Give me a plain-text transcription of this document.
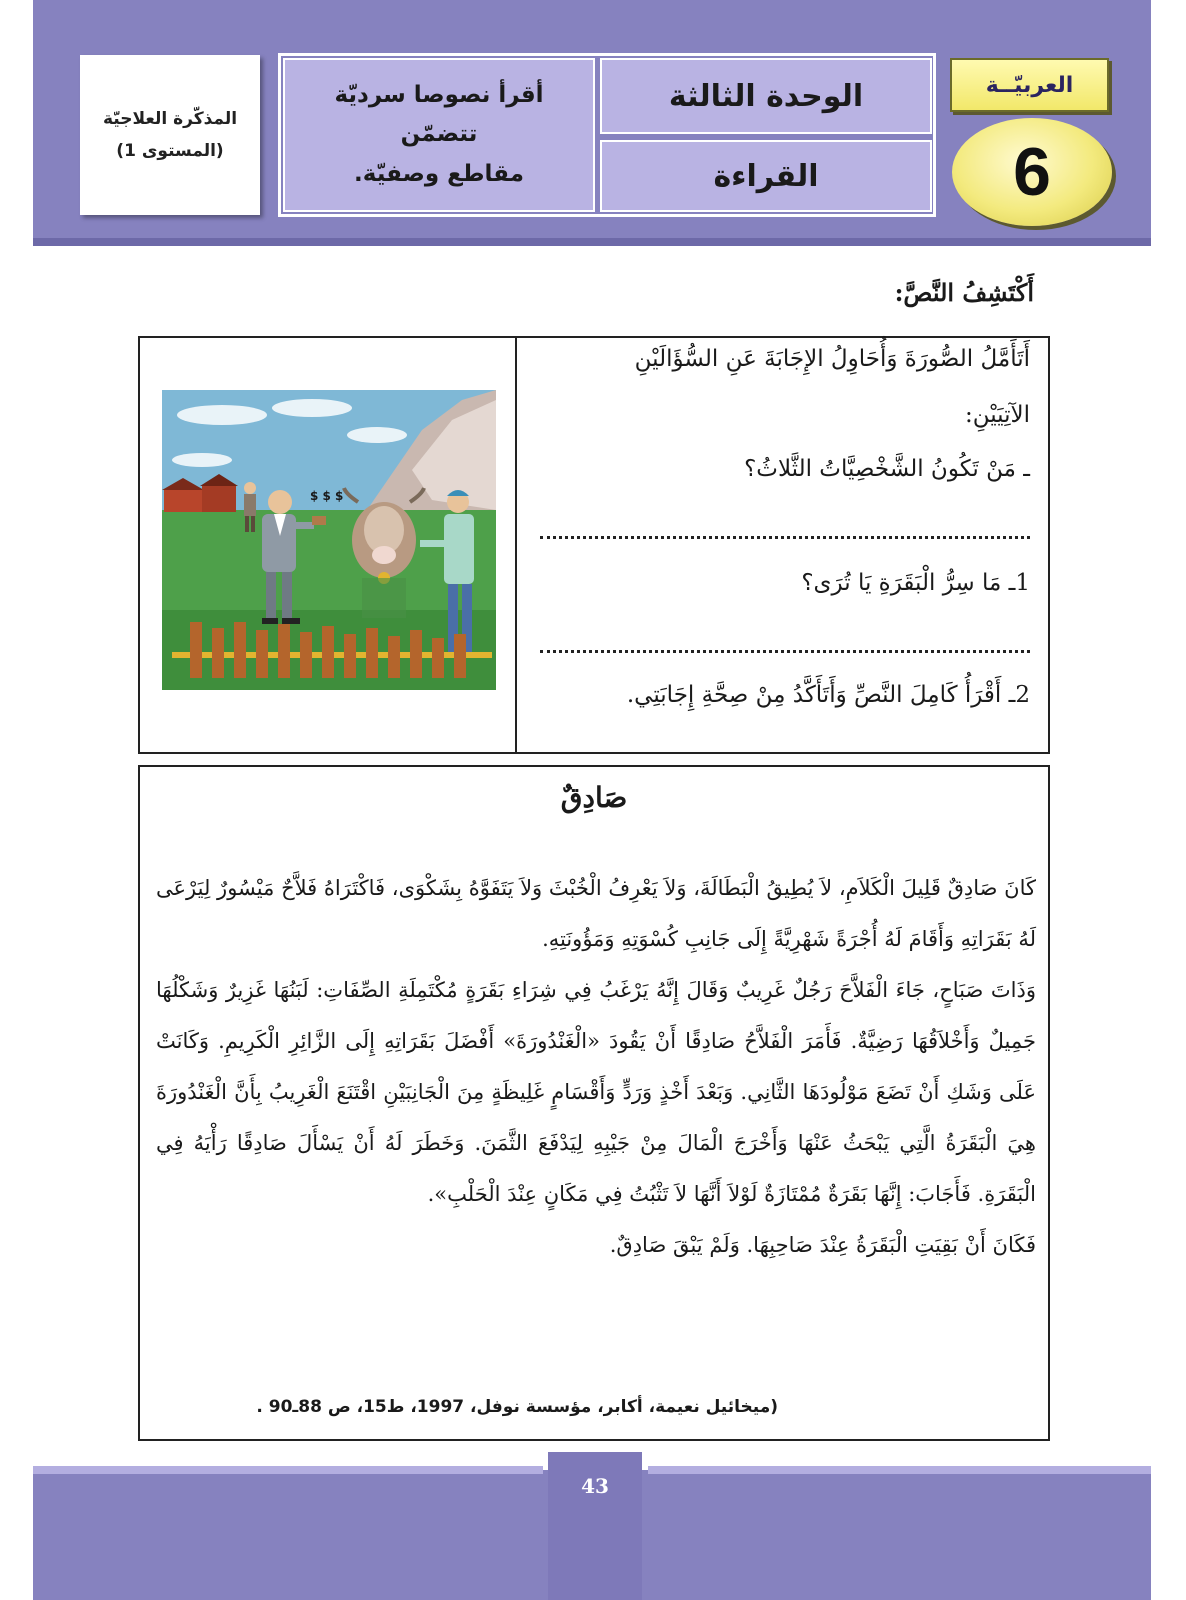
العربيّــة
6
الوحدة الثالثة
القراءة
أقرأ نصوصا سرديّة تتضمّن
مقاطع وصفيّة.
المذكّرة العلاجيّة
(المستوى 1)
أَكْتَشِفُ النَّصَّ:
$ $ $
أَتَأَمَّلُ الصُّورَةَ وَأُحَاوِلُ الإِجَابَةَ عَنِ السُّؤَالَيْنِ
الآتِيَيْنِ:
ـ مَنْ تَكُونُ الشَّخْصِيَّاتُ الثَّلاثُ؟
1ـ مَا سِرُّ الْبَقَرَةِ يَا تُرَى؟
2ـ أَقْرَأُ كَامِلَ النَّصِّ وَأَتَأَكَّدُ مِنْ صِحَّةِ إِجَابَتِي.
صَادِقٌ

كَانَ صَادِقٌ قَلِيلَ الْكَلاَمِ، لاَ يُطِيقُ الْبَطَالَةَ، وَلاَ يَعْرِفُ الْخُبْثَ وَلاَ يَتَفَوَّهُ بِشَكْوَى، فَاكْتَرَاهُ فَلاَّحٌ مَيْسُورٌ لِيَرْعَى لَهُ بَقَرَاتِهِ وَأَقَامَ لَهُ أُجْرَةً شَهْرِيَّةً إِلَى جَانِبِ كُسْوَتِهِ وَمَؤُونَتِهِ.

وَذَاتَ صَبَاحٍ، جَاءَ الْفَلاَّحَ رَجُلٌ غَرِيبٌ وَقَالَ إِنَّهُ يَرْغَبُ فِي شِرَاءِ بَقَرَةٍ مُكْتَمِلَةِ الصِّفَاتِ: لَبَنُهَا غَزِيرٌ وَشَكْلُهَا جَمِيلٌ وَأَخْلاَقُهَا رَضِيَّةٌ. فَأَمَرَ الْفَلاَّحُ صَادِقًا أَنْ يَقُودَ «الْغَنْدُورَةَ» أَفْضَلَ بَقَرَاتِهِ إِلَى الزَّائِرِ الْكَرِيمِ. وَكَانَتْ عَلَى وَشَكِ أَنْ تَضَعَ مَوْلُودَهَا الثَّانِي. وَبَعْدَ أَخْذٍ وَرَدٍّ وَأَقْسَامٍ غَلِيظَةٍ مِنَ الْجَانِبَيْنِ اقْتَنَعَ الْغَرِيبُ بِأَنَّ الْغَنْدُورَةَ هِيَ الْبَقَرَةُ الَّتِي يَبْحَثُ عَنْهَا وَأَخْرَجَ الْمَالَ مِنْ جَيْبِهِ لِيَدْفَعَ الثَّمَنَ. وَخَطَرَ لَهُ أَنْ يَسْأَلَ صَادِقًا رَأْيَهُ فِي الْبَقَرَةِ. فَأَجَابَ: إِنَّهَا بَقَرَةٌ مُمْتَازَةٌ لَوْلاَ أَنَّهَا لاَ تَثْبُتُ فِي مَكَانٍ عِنْدَ الْحَلْبِ».

فَكَانَ أَنْ بَقِيَتِ الْبَقَرَةُ عِنْدَ صَاحِبِهَا. وَلَمْ يَبْقَ صَادِقٌ.

(ميخائيل نعيمة، أكابر، مؤسسة نوفل، 1997، ط15، ص 88ـ90 .
43
